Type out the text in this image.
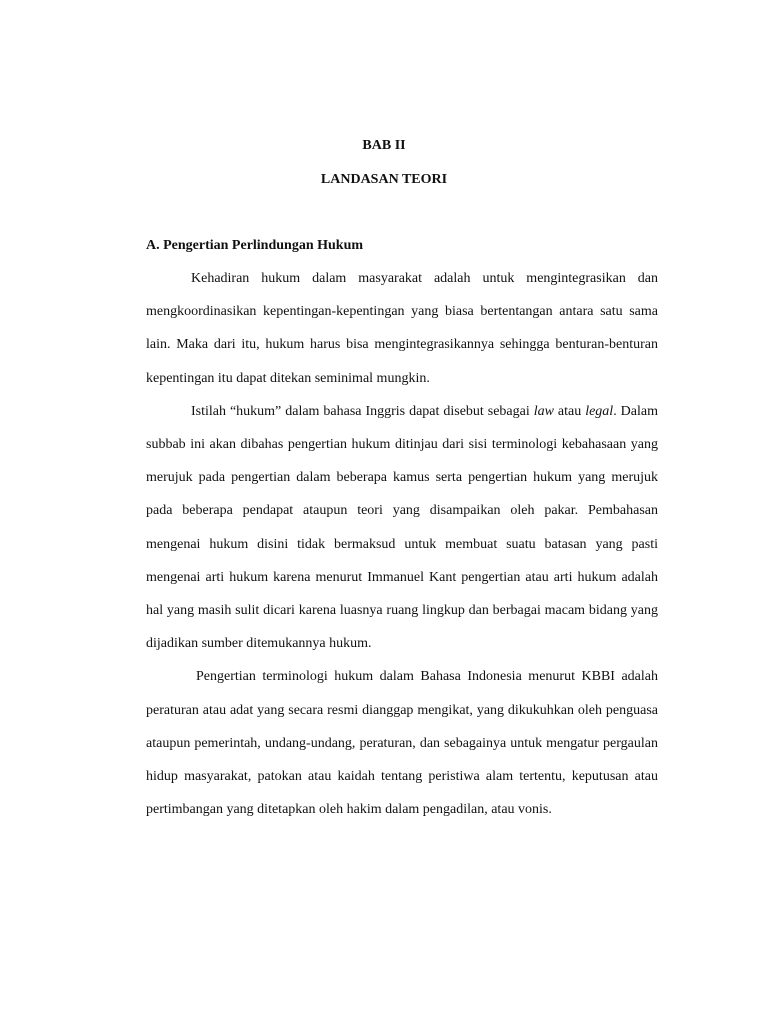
BAB II
LANDASAN TEORI
A. Pengertian Perlindungan Hukum

Kehadiran hukum dalam masyarakat adalah untuk mengintegrasikan dan mengkoordinasikan kepentingan-kepentingan yang biasa bertentangan antara satu sama lain. Maka dari itu, hukum harus bisa mengintegrasikannya sehingga benturan-benturan kepentingan itu dapat ditekan seminimal mungkin.

Istilah “hukum” dalam bahasa Inggris dapat disebut sebagai law atau legal. Dalam subbab ini akan dibahas pengertian hukum ditinjau dari sisi terminologi kebahasaan yang merujuk pada pengertian dalam beberapa kamus serta pengertian hukum yang merujuk pada beberapa pendapat ataupun teori yang disampaikan oleh pakar. Pembahasan mengenai hukum disini tidak bermaksud untuk membuat suatu batasan yang pasti mengenai arti hukum karena menurut Immanuel Kant pengertian atau arti hukum adalah hal yang masih sulit dicari karena luasnya ruang lingkup dan berbagai macam bidang yang dijadikan sumber ditemukannya hukum.

Pengertian terminologi hukum dalam Bahasa Indonesia menurut KBBI adalah peraturan atau adat yang secara resmi dianggap mengikat, yang dikukuhkan oleh penguasa ataupun pemerintah, undang-undang, peraturan, dan sebagainya untuk mengatur pergaulan hidup masyarakat, patokan atau kaidah tentang peristiwa alam tertentu, keputusan atau pertimbangan yang ditetapkan oleh hakim dalam pengadilan, atau vonis.
